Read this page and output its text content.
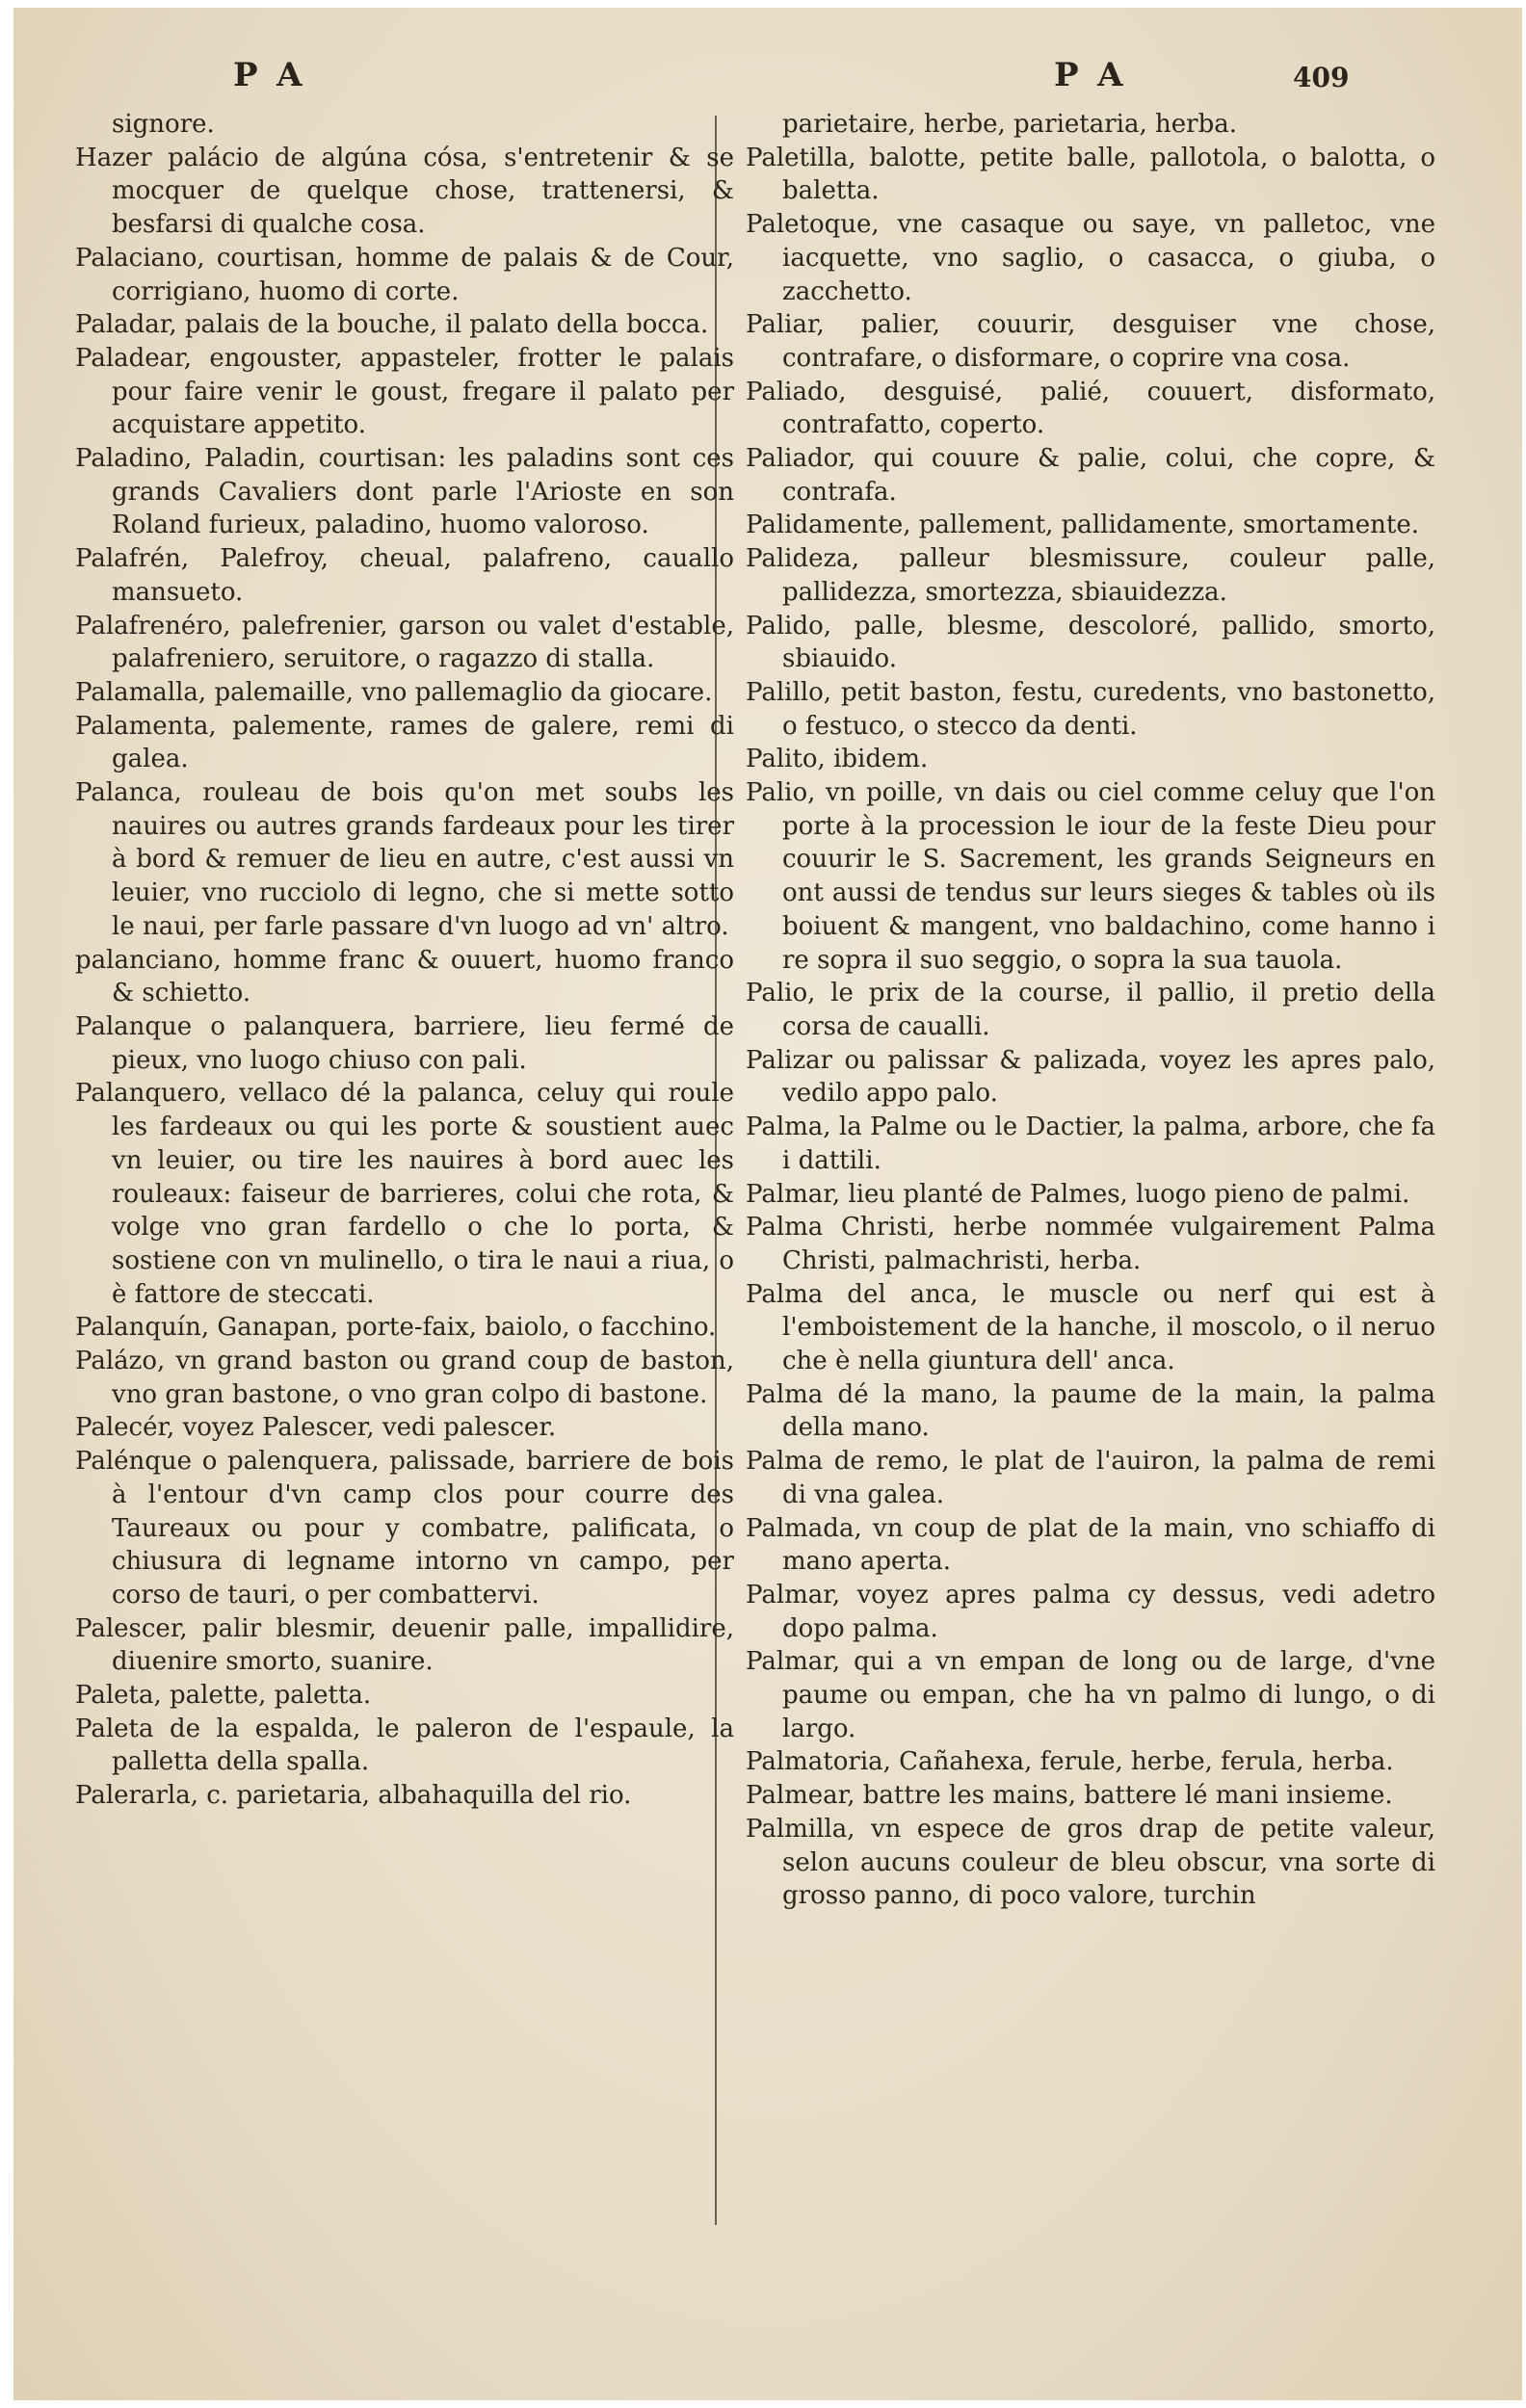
PA	PA	409

signore.

Hazer palácio de algúna cósa, s'entretenir & se mocquer de quelque chose, trattenersi, & besfarsi di qualche cosa.

Palaciano, courtisan, homme de palais & de Cour, corrigiano, huomo di corte.

Paladar, palais de la bouche, il palato della bocca.

Paladear, engouster, appasteler, frotter le palais pour faire venir le goust, fregare il palato per acquistare appetito.

Paladino, Paladin, courtisan: les paladins sont ces grands Cavaliers dont parle l'Arioste en son Roland furieux, paladino, huomo valoroso.

Palafrén, Palefroy, cheual, palafreno, cauallo mansueto.

Palafrenéro, palefrenier, garson ou valet d'estable, palafreniero, seruitore, o ragazzo di stalla.

Palamalla, palemaille, vno pallemaglio da giocare.

Palamenta, palemente, rames de galere, remi di galea.

Palanca, rouleau de bois qu'on met soubs les nauires ou autres grands fardeaux pour les tirer à bord & remuer de lieu en autre, c'est aussi vn leuier, vno rucciolo di legno, che si mette sotto le naui, per farle passare d'vn luogo ad vn' altro.

palanciano, homme franc & ouuert, huomo franco & schietto.

Palanque o palanquera, barriere, lieu fermé de pieux, vno luogo chiuso con pali.

Palanquero, vellaco dé la palanca, celuy qui roule les fardeaux ou qui les porte & soustient auec vn leuier, ou tire les nauires à bord auec les rouleaux: faiseur de barrieres, colui che rota, & volge vno gran fardello o che lo porta, & sostiene con vn mulinello, o tira le naui a riua, o è fattore de steccati.

Palanquín, Ganapan, porte-faix, baiolo, o facchino.

Palázo, vn grand baston ou grand coup de baston, vno gran bastone, o vno gran colpo di bastone.

Palecér, voyez Palescer, vedi palescer.

Palénque o palenquera, palissade, barriere de bois à l'entour d'vn camp clos pour courre des Taureaux ou pour y combatre, palificata, o chiusura di legname intorno vn campo, per corso de tauri, o per combattervi.

Palescer, palir blesmir, deuenir palle, impallidire, diuenire smorto, suanire.

Paleta, palette, paletta.

Paleta de la espalda, le paleron de l'espaule, la palletta della spalla.

Palerarla, c. parietaria, albahaquilla del rio.

parietaire, herbe, parietaria, herba.

Paletilla, balotte, petite balle, pallotola, o balotta, o baletta.

Paletoque, vne casaque ou saye, vn palletoc, vne iacquette, vno saglio, o casacca, o giuba, o zacchetto.

Paliar, palier, couurir, desguiser vne chose, contrafare, o disformare, o coprire vna cosa.

Paliado, desguisé, palié, couuert, disformato, contrafatto, coperto.

Paliador, qui couure & palie, colui, che copre, & contrafa.

Palidamente, pallement, pallidamente, smortamente.

Palideza, palleur blesmissure, couleur palle, pallidezza, smortezza, sbiauidezza.

Palido, palle, blesme, descoloré, pallido, smorto, sbiauido.

Palillo, petit baston, festu, curedents, vno bastonetto, o festuco, o stecco da denti.

Palito, ibidem.

Palio, vn poille, vn dais ou ciel comme celuy que l'on porte à la procession le iour de la feste Dieu pour couurir le S. Sacrement, les grands Seigneurs en ont aussi de tendus sur leurs sieges & tables où ils boiuent & mangent, vno baldachino, come hanno i re sopra il suo seggio, o sopra la sua tauola.

Palio, le prix de la course, il pallio, il pretio della corsa de caualli.

Palizar ou palissar & palizada, voyez les apres palo, vedilo appo palo.

Palma, la Palme ou le Dactier, la palma, arbore, che fa i dattili.

Palmar, lieu planté de Palmes, luogo pieno de palmi.

Palma Christi, herbe nommée vulgairement Palma Christi, palmachristi, herba.

Palma del anca, le muscle ou nerf qui est à l'emboistement de la hanche, il moscolo, o il neruo che è nella giuntura dell' anca.

Palma dé la mano, la paume de la main, la palma della mano.

Palma de remo, le plat de l'auiron, la palma de remi di vna galea.

Palmada, vn coup de plat de la main, vno schiaffo di mano aperta.

Palmar, voyez apres palma cy dessus, vedi adetro dopo palma.

Palmar, qui a vn empan de long ou de large, d'vne paume ou empan, che ha vn palmo di lungo, o di largo.

Palmatoria, Cañahexa, ferule, herbe, ferula, herba.

Palmear, battre les mains, battere lé mani insieme.

Palmilla, vn espece de gros drap de petite valeur, selon aucuns couleur de bleu obscur, vna sorte di grosso panno, di poco valore, turchin
